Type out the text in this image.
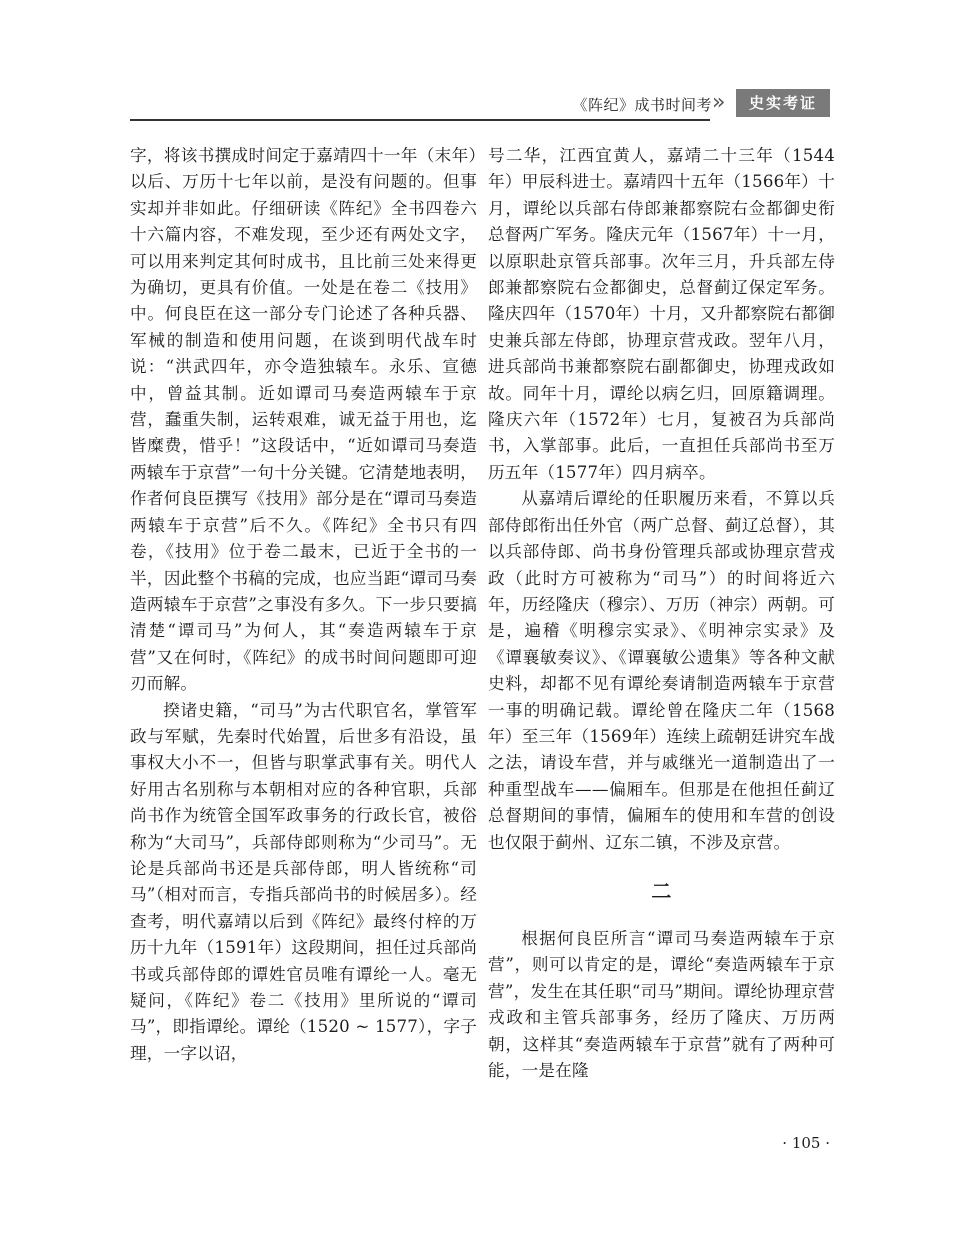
《阵纪》成书时间考 »	史实考证

字，将该书撰成时间定于嘉靖四十一年（末年）以后、万历十七年以前，是没有问题的。但事实却并非如此。仔细研读《阵纪》全书四卷六十六篇内容，不难发现，至少还有两处文字，可以用来判定其何时成书，且比前三处来得更为确切，更具有价值。一处是在卷二《技用》中。何良臣在这一部分专门论述了各种兵器、军械的制造和使用问题，在谈到明代战车时说：“洪武四年，亦令造独辕车。永乐、宣德中，曾益其制。近如谭司马奏造两辕车于京营，蠢重失制，运转艰难，诚无益于用也，迄皆糜费，惜乎！”这段话中，“近如谭司马奏造两辕车于京营”一句十分关键。它清楚地表明，作者何良臣撰写《技用》部分是在“谭司马奏造两辕车于京营”后不久。《阵纪》全书只有四卷，《技用》位于卷二最末，已近于全书的一半，因此整个书稿的完成，也应当距“谭司马奏造两辕车于京营”之事没有多久。下一步只要搞清楚“谭司马”为何人，其“奏造两辕车于京营”又在何时，《阵纪》的成书时间问题即可迎刃而解。

揆诸史籍，“司马”为古代职官名，掌管军政与军赋，先秦时代始置，后世多有沿设，虽事权大小不一，但皆与职掌武事有关。明代人好用古名别称与本朝相对应的各种官职，兵部尚书作为统管全国军政事务的行政长官，被俗称为“大司马”，兵部侍郎则称为“少司马”。无论是兵部尚书还是兵部侍郎，明人皆统称“司马”（相对而言，专指兵部尚书的时候居多）。经查考，明代嘉靖以后到《阵纪》最终付梓的万历十九年（1591年）这段期间，担任过兵部尚书或兵部侍郎的谭姓官员唯有谭纶一人。毫无疑问，《阵纪》卷二《技用》里所说的“谭司马”，即指谭纶。谭纶（1520 ~ 1577），字子理，一字以诏，

号二华，江西宜黄人，嘉靖二十三年（1544年）甲辰科进士。嘉靖四十五年（1566年）十月，谭纶以兵部右侍郎兼都察院右佥都御史衔总督两广军务。隆庆元年（1567年）十一月，以原职赴京管兵部事。次年三月，升兵部左侍郎兼都察院右佥都御史，总督蓟辽保定军务。隆庆四年（1570年）十月，又升都察院右都御史兼兵部左侍郎，协理京营戎政。翌年八月，进兵部尚书兼都察院右副都御史，协理戎政如故。同年十月，谭纶以病乞归，回原籍调理。隆庆六年（1572年）七月，复被召为兵部尚书，入掌部事。此后，一直担任兵部尚书至万历五年（1577年）四月病卒。

从嘉靖后谭纶的任职履历来看，不算以兵部侍郎衔出任外官（两广总督、蓟辽总督），其以兵部侍郎、尚书身份管理兵部或协理京营戎政（此时方可被称为“司马”）的时间将近六年，历经隆庆（穆宗）、万历（神宗）两朝。可是，遍稽《明穆宗实录》、《明神宗实录》及《谭襄敏奏议》、《谭襄敏公遗集》等各种文献史料，却都不见有谭纶奏请制造两辕车于京营一事的明确记载。谭纶曾在隆庆二年（1568年）至三年（1569年）连续上疏朝廷讲究车战之法，请设车营，并与戚继光一道制造出了一种重型战车——偏厢车。但那是在他担任蓟辽总督期间的事情，偏厢车的使用和车营的创设也仅限于蓟州、辽东二镇，不涉及京营。

二

根据何良臣所言“谭司马奏造两辕车于京营”，则可以肯定的是，谭纶“奏造两辕车于京营”，发生在其任职“司马”期间。谭纶协理京营戎政和主管兵部事务，经历了隆庆、万历两朝，这样其“奏造两辕车于京营”就有了两种可能，一是在隆

· 105 ·
